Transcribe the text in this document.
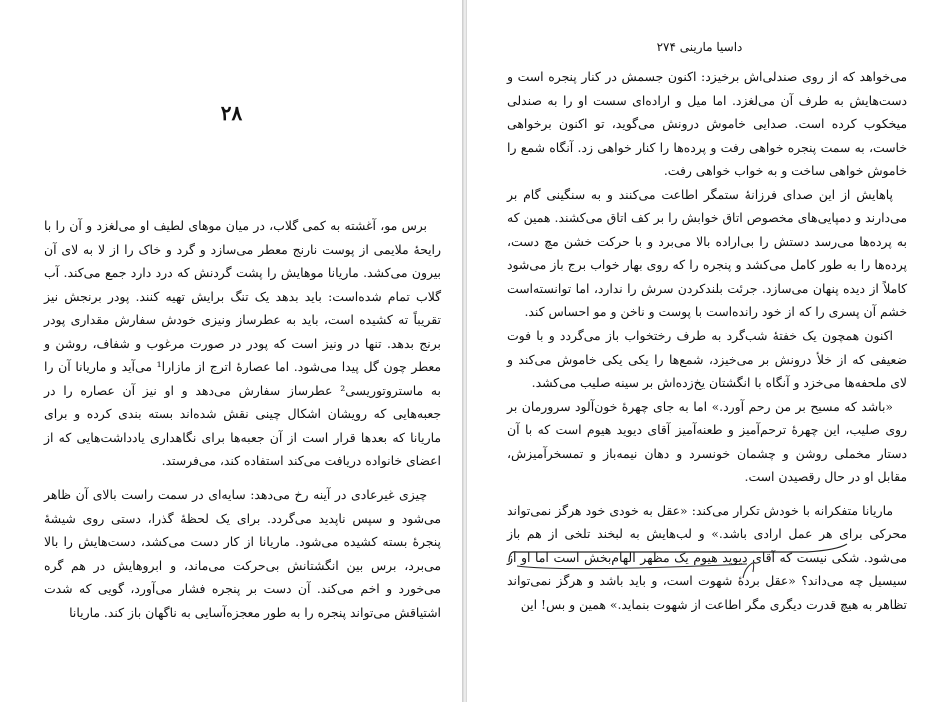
۲۸

برس مو، آغشته به کمی گلاب، در میان موهای لطیف او می‌لغزد و آن را با رایحهٔ ملایمی از پوست نارنج معطر می‌سازد و گرد و خاک را از لا به لای آن بیرون می‌کشد. ماریانا موهایش را پشت گردنش که درد دارد جمع می‌کند. آب گلاب تمام شده‌است: باید بدهد یک تنگ برایش تهیه کنند. پودر برنجش نیز تقریباً ته کشیده است، باید به عطرساز ونیزی خودش سفارش مقداری پودر برنج بدهد. تنها در ونیز است که پودر در صورت مرغوب و شفاف، روشن و معطر چون گل پیدا می‌شود. اما عصارهٔ اترج از مازارا¹ می‌آید و ماریانا آن را به ماستروتوریسی² عطرساز سفارش می‌دهد و او نیز آن عصاره را در جعبه‌هایی که رویشان اشکال چینی نقش شده‌اند بسته بندی کرده و برای ماریانا که بعدها قرار است از آن جعبه‌ها برای نگاهداری یادداشت‌هایی که از اعضای خانواده دریافت می‌کند استفاده کند، می‌فرستد.

چیزی غیرعادی در آینه رخ می‌دهد: سایه‌ای در سمت راست بالای آن ظاهر می‌شود و سپس ناپدید می‌گردد. برای یک لحظهٔ گذرا، دستی روی شیشهٔ پنجرهٔ بسته کشیده می‌شود. ماریانا از کار دست می‌کشد، دست‌هایش را بالا می‌برد، برس بین انگشتانش بی‌حرکت می‌ماند، و ابروهایش در هم گره می‌خورد و اخم می‌کند. آن دست بر پنجره فشار می‌آورد، گویی که شدت اشتیاقش می‌تواند پنجره را به طور معجزه‌آسایی به ناگهان باز کند. ماریانا

داسیا مارینی ۲۷۴

می‌خواهد که از روی صندلی‌اش برخیزد: اکنون جسمش در کنار پنجره است و دست‌هایش به طرف آن می‌لغزد. اما میل و اراده‌ای سست او را به صندلی میخکوب کرده است. صدایی خاموش درونش می‌گوید، تو اکنون برخواهی خاست، به سمت پنجره خواهی رفت و پرده‌ها را کنار خواهی زد. آنگاه شمع را خاموش خواهی ساخت و به خواب خواهی رفت.

پاهایش از این صدای فرزانهٔ ستمگر اطاعت می‌کنند و به سنگینی گام بر می‌دارند و دمپایی‌های مخصوص اتاق خوابش را بر کف اتاق می‌کشند. همین که به پرده‌ها می‌رسد دستش را بی‌اراده بالا می‌برد و با حرکت خشن مچ دست، پرده‌ها را به طور کامل می‌کشد و پنجره را که روی بهار خواب برج باز می‌شود کاملاً از دیده پنهان می‌سازد. جرئت بلندکردن سرش را ندارد، اما توانسته‌است خشم آن پسری را که از خود رانده‌است با پوست و ناخن و مو احساس کند.

اکنون همچون یک خفتهٔ شب‌گرد به طرف رختخواب باز می‌گردد و با فوت ضعیفی که از خلأ درونش بر می‌خیزد، شمع‌ها را یکی یکی خاموش می‌کند و لای ملحفه‌ها می‌خزد و آنگاه با انگشتان یخ‌زده‌اش بر سینه صلیب می‌کشد.

«باشد که مسیح بر من رحم آورد.» اما به جای چهرهٔ خون‌آلود سرورمان بر روی صلیب، این چهرهٔ ترحم‌آمیز و طعنه‌آمیز آقای دیوید هیوم است که با آن دستار مخملی روشن و چشمان خونسرد و دهان نیمه‌باز و تمسخرآمیزش، مقابل او در حال رقصیدن است.

ماریانا متفکرانه با خودش تکرار می‌کند: «عقل به خودی خود هرگز نمی‌تواند محرکی برای هر عمل ارادی باشد.» و لب‌هایش به لبخند تلخی از هم باز می‌شود. شکی نیست که آقای دیوید هیوم یک مظهر الهام‌بخش است اما او از سیسیل چه می‌داند؟ «عقل بردهٔ شهوت است، و باید باشد و هرگز نمی‌تواند تظاهر به هیچ قدرت دیگری مگر اطاعت از شهوت بنماید.» همین و بس! این
